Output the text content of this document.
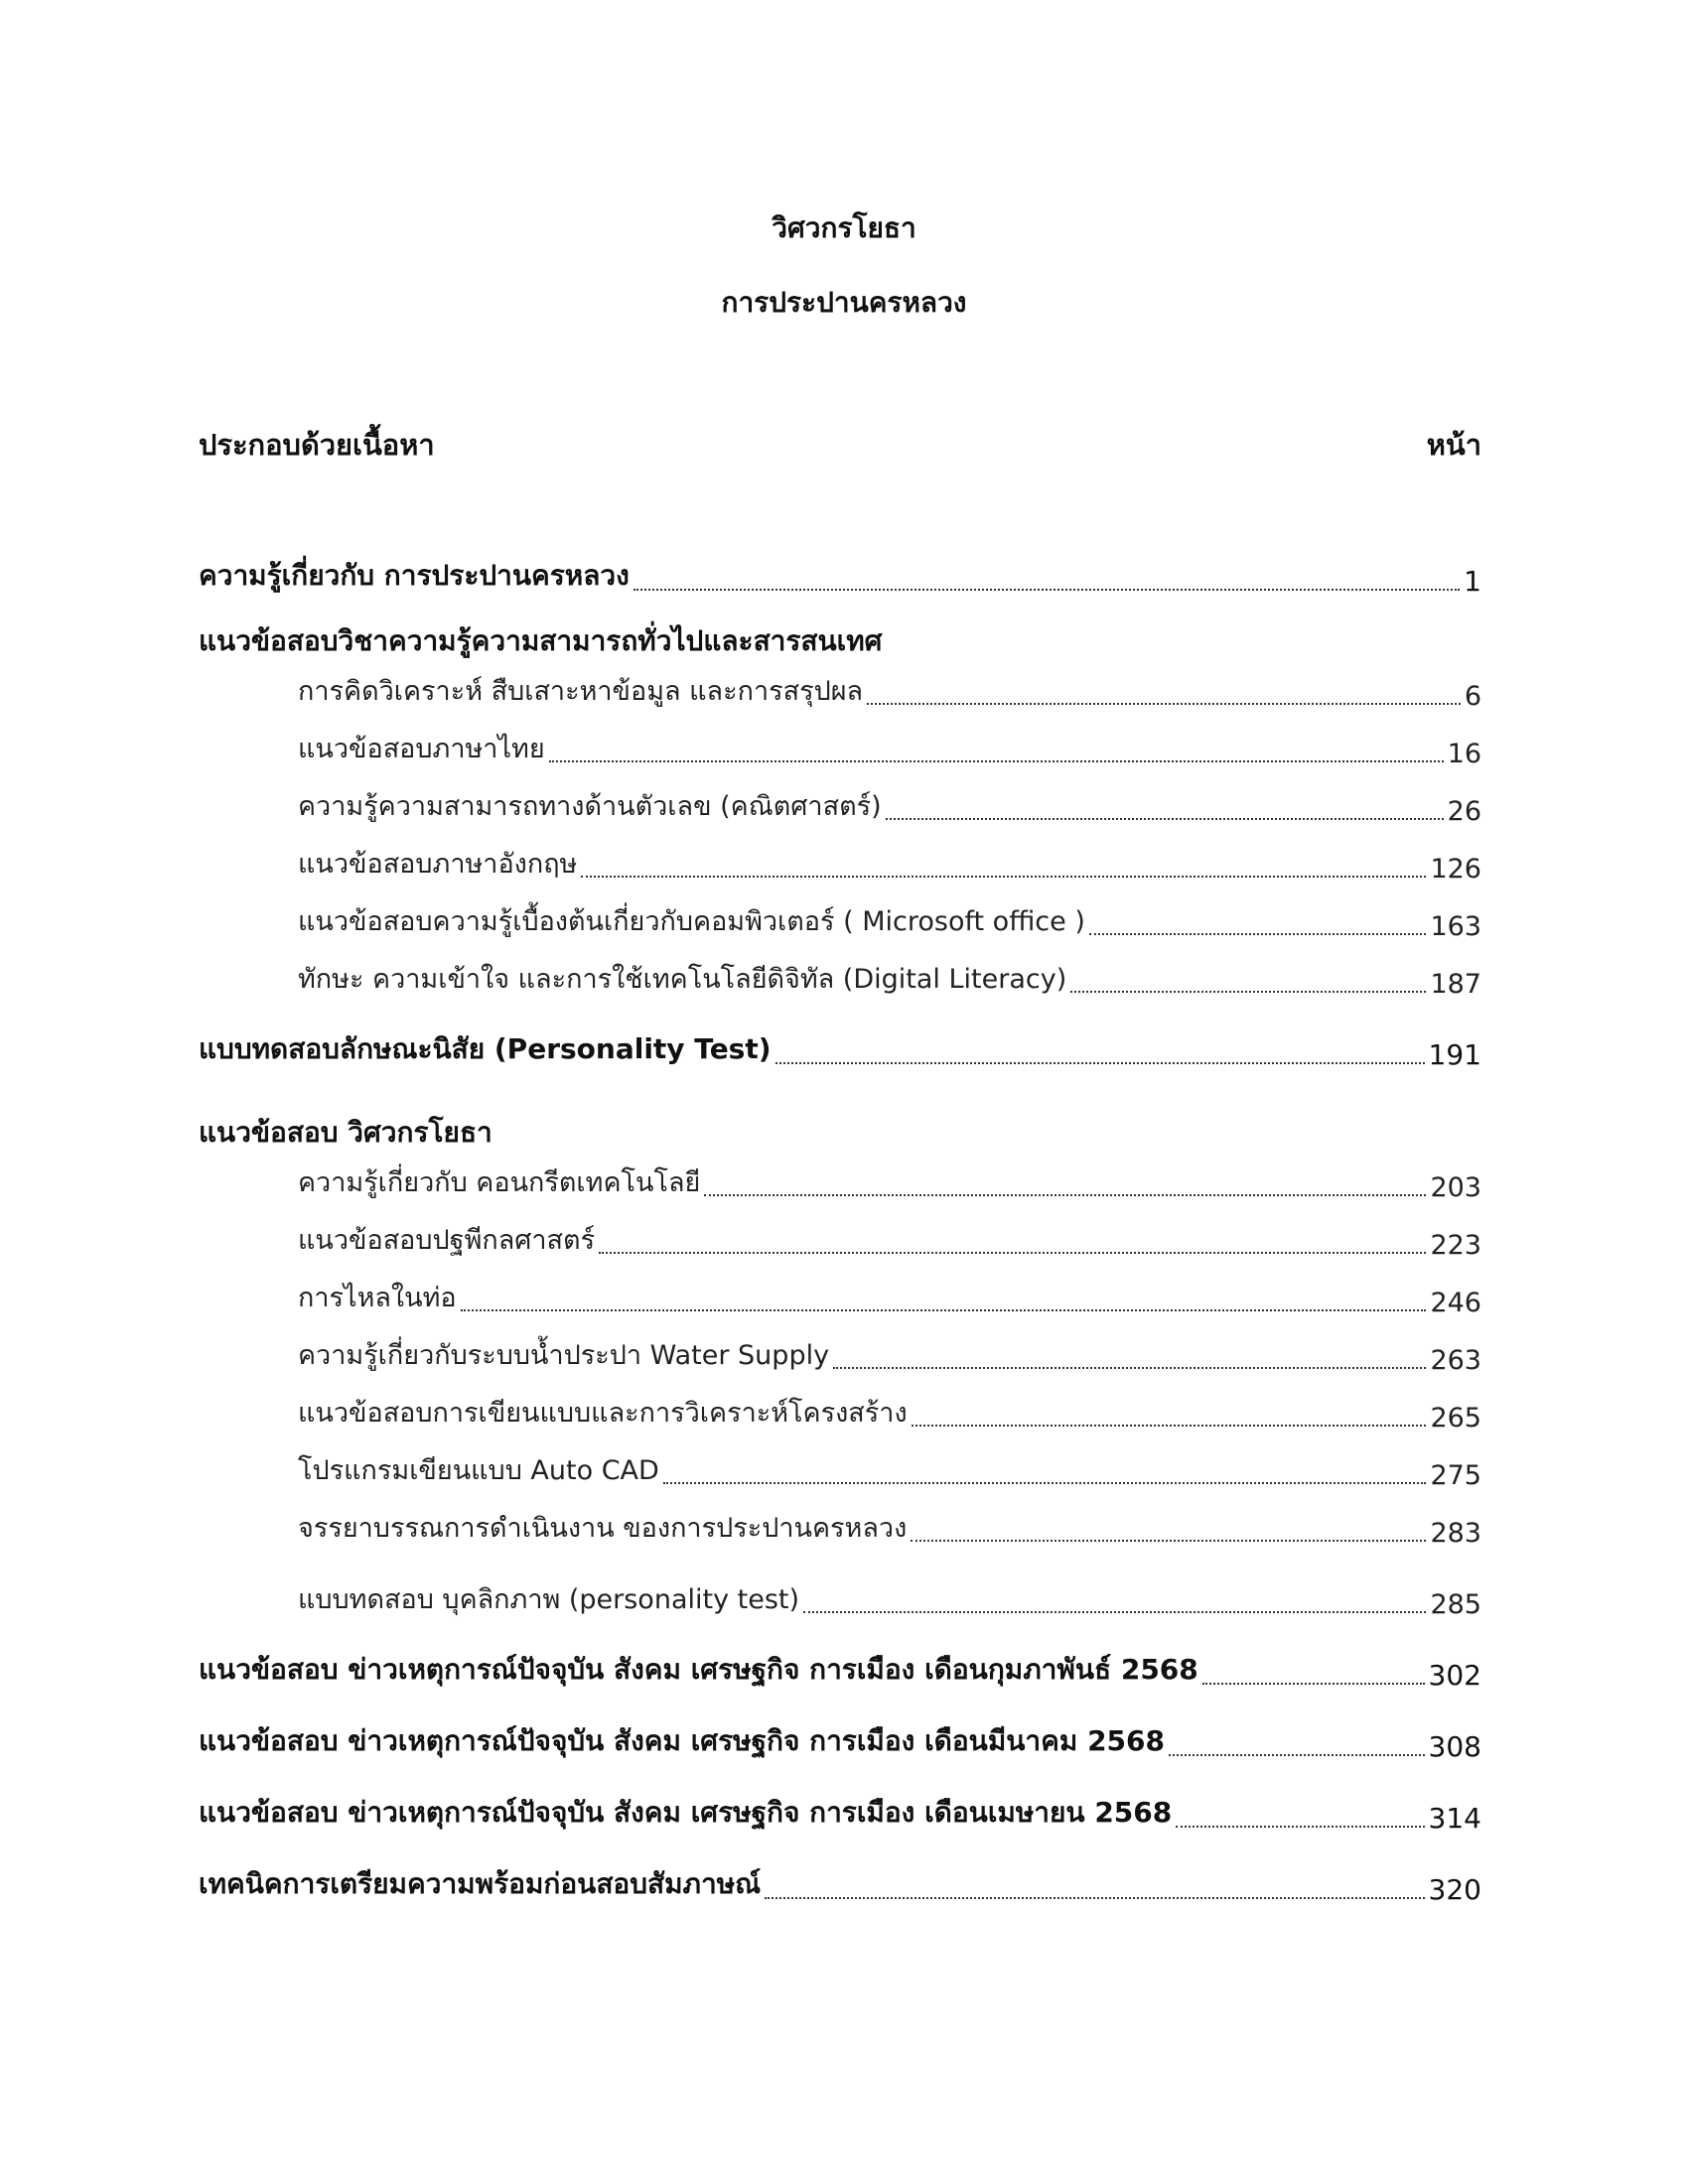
วิศวกรโยธา
การประปานครหลวง
ประกอบด้วยเนื้อหา	หน้า
ความรู้เกี่ยวกับ การประปานครหลวง	1
แนวข้อสอบวิชาความรู้ความสามารถทั่วไปและสารสนเทศ
การคิดวิเคราะห์ สืบเสาะหาข้อมูล และการสรุปผล	6
แนวข้อสอบภาษาไทย	16
ความรู้ความสามารถทางด้านตัวเลข (คณิตศาสตร์)	26
แนวข้อสอบภาษาอังกฤษ	126
แนวข้อสอบความรู้เบื้องต้นเกี่ยวกับคอมพิวเตอร์ ( Microsoft office )	163
ทักษะ ความเข้าใจ และการใช้เทคโนโลยีดิจิทัล (Digital Literacy)	187
แบบทดสอบลักษณะนิสัย (Personality Test)	191
แนวข้อสอบ วิศวกรโยธา
ความรู้เกี่ยวกับ คอนกรีตเทคโนโลยี	203
แนวข้อสอบปฐพีกลศาสตร์	223
การไหลในท่อ	246
ความรู้เกี่ยวกับระบบน้ำประปา Water Supply	263
แนวข้อสอบการเขียนแบบและการวิเคราะห์โครงสร้าง	265
โปรแกรมเขียนแบบ Auto CAD	275
จรรยาบรรณการดำเนินงาน ของการประปานครหลวง	283
แบบทดสอบ บุคลิกภาพ (personality test)	285
แนวข้อสอบ ข่าวเหตุการณ์ปัจจุบัน สังคม เศรษฐกิจ การเมือง เดือนกุมภาพันธ์ 2568	302
แนวข้อสอบ ข่าวเหตุการณ์ปัจจุบัน สังคม เศรษฐกิจ การเมือง เดือนมีนาคม 2568	308
แนวข้อสอบ ข่าวเหตุการณ์ปัจจุบัน สังคม เศรษฐกิจ การเมือง เดือนเมษายน 2568	314
เทคนิคการเตรียมความพร้อมก่อนสอบสัมภาษณ์	320
